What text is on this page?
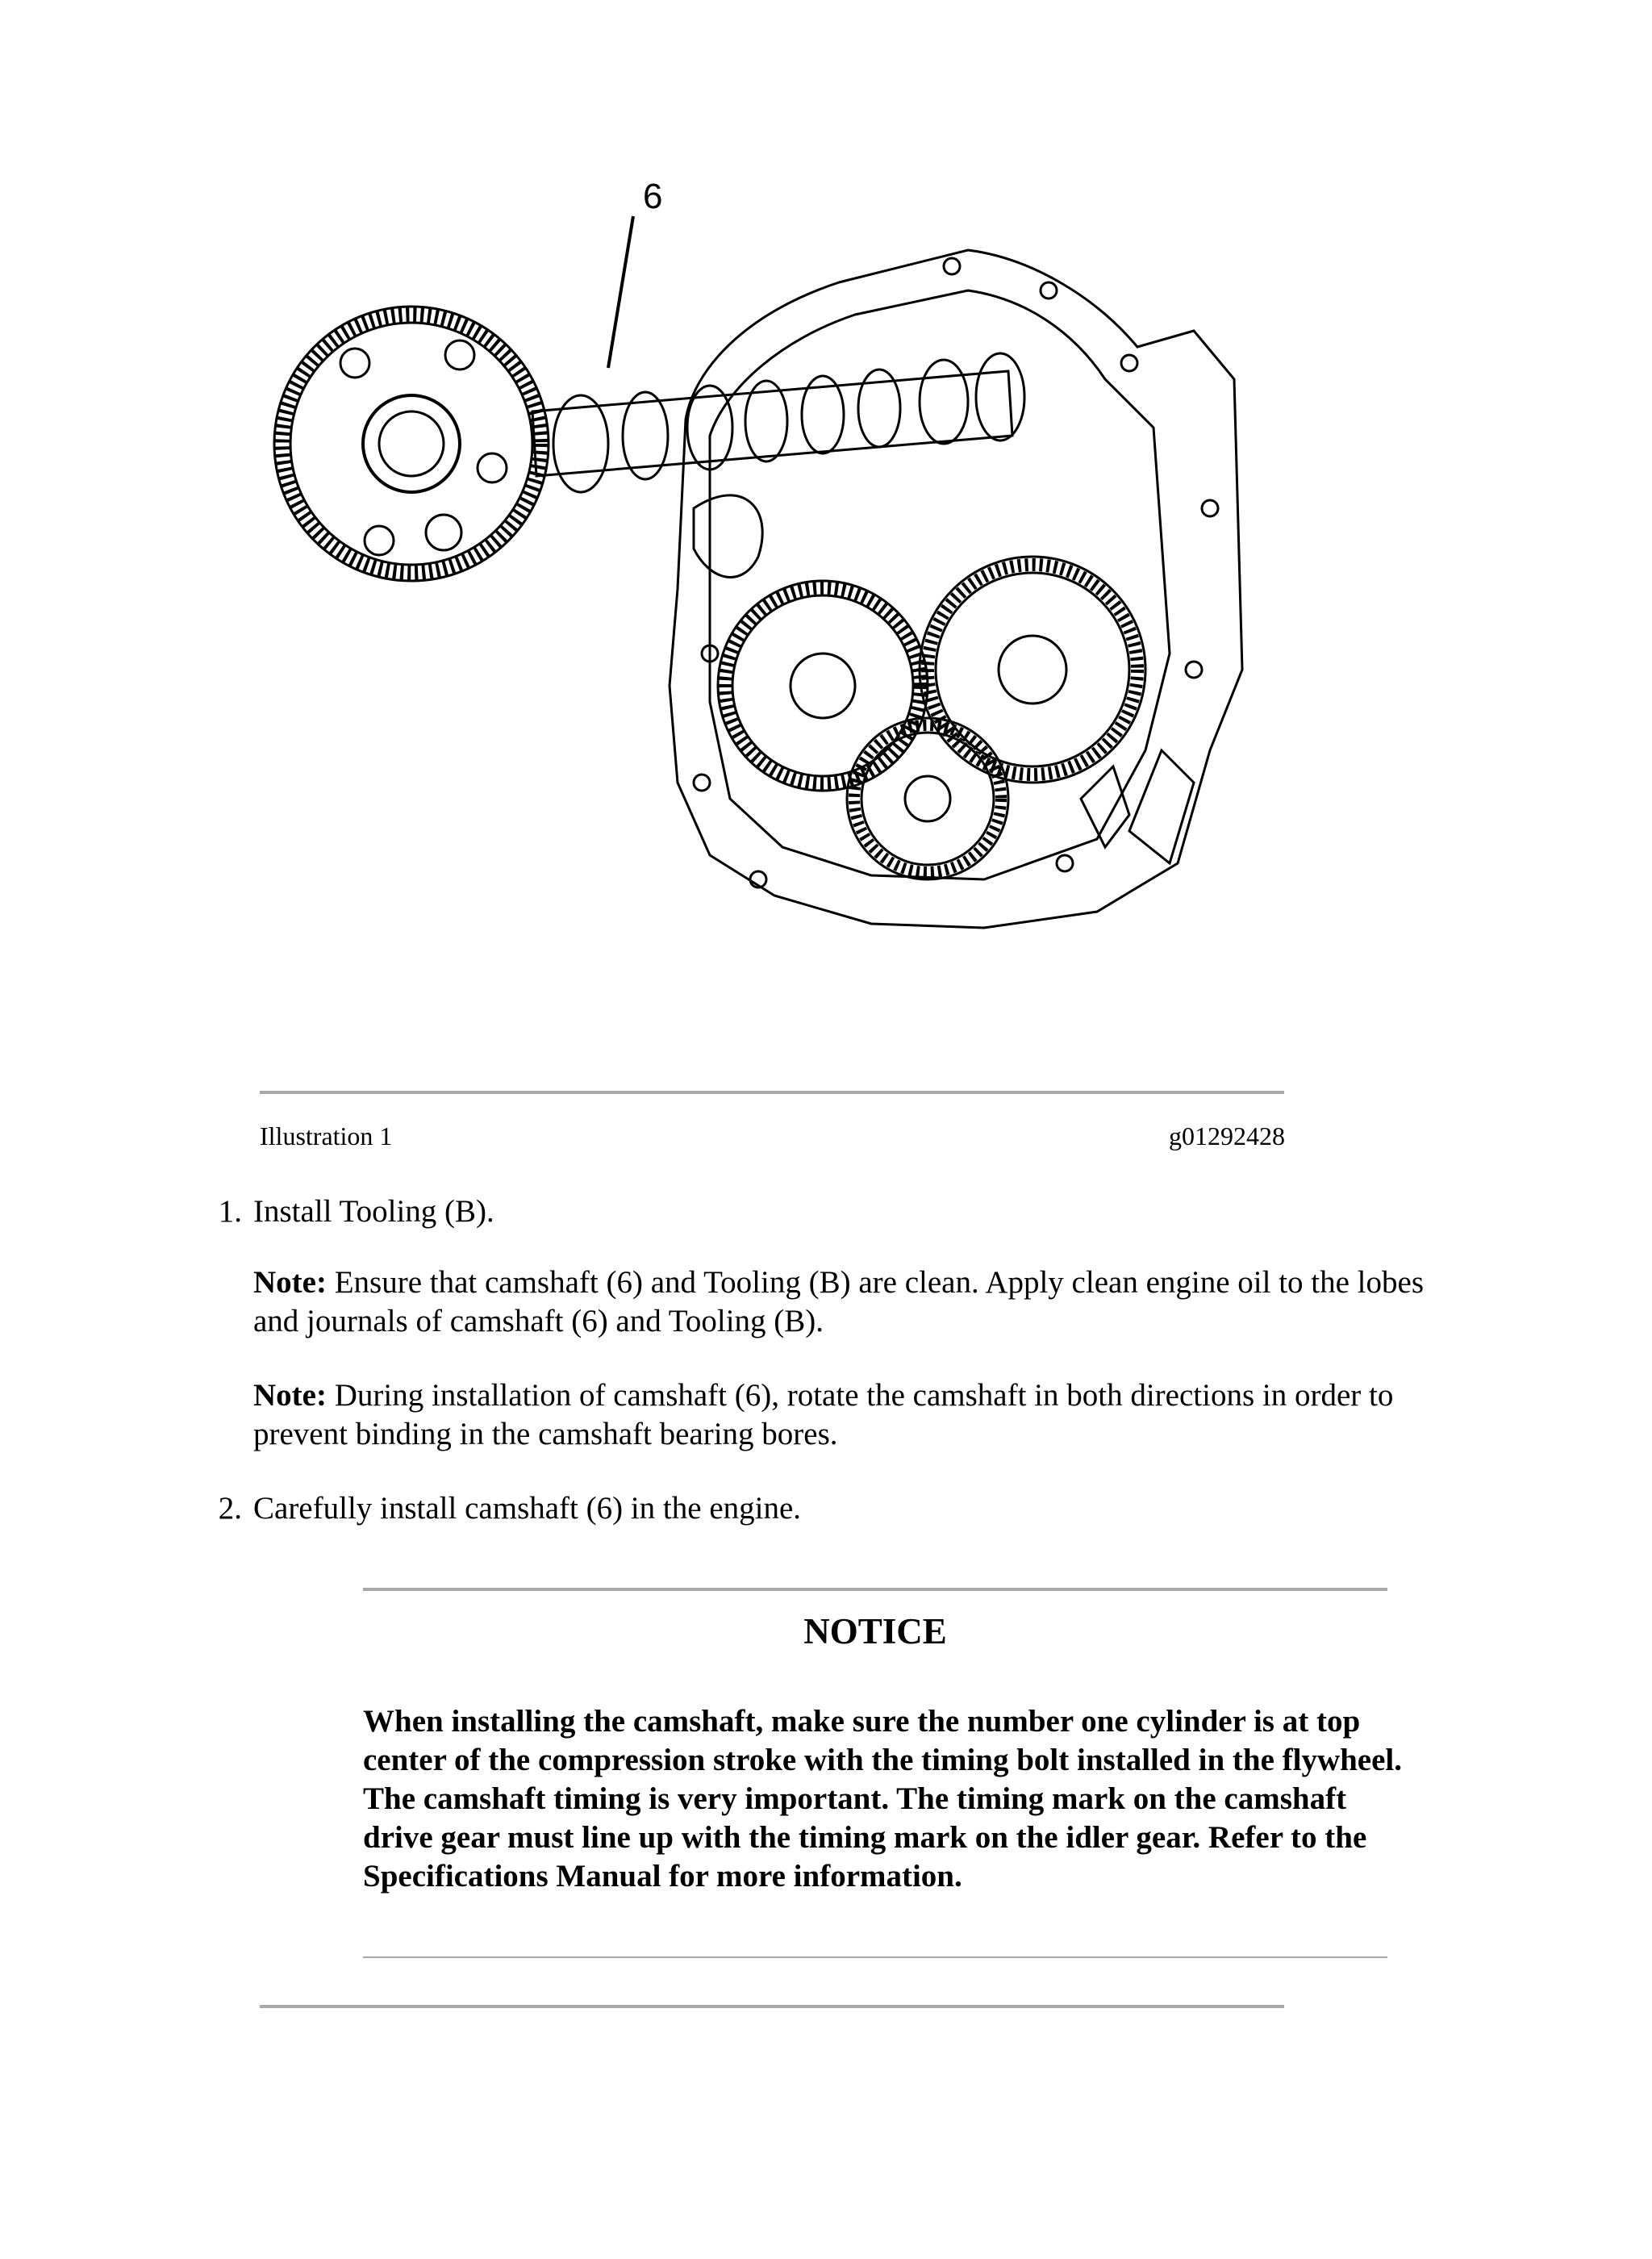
6
Illustration 1	g01292428
1. Install Tooling (B).

Note: Ensure that camshaft (6) and Tooling (B) are clean. Apply clean engine oil to the lobes and journals of camshaft (6) and Tooling (B).

Note: During installation of camshaft (6), rotate the camshaft in both directions in order to prevent binding in the camshaft bearing bores.

2. Carefully install camshaft (6) in the engine.

NOTICE
When installing the camshaft, make sure the number one cylinder is at top center of the compression stroke with the timing bolt installed in the flywheel. The camshaft timing is very important. The timing mark on the camshaft drive gear must line up with the timing mark on the idler gear. Refer to the Specifications Manual for more information.
